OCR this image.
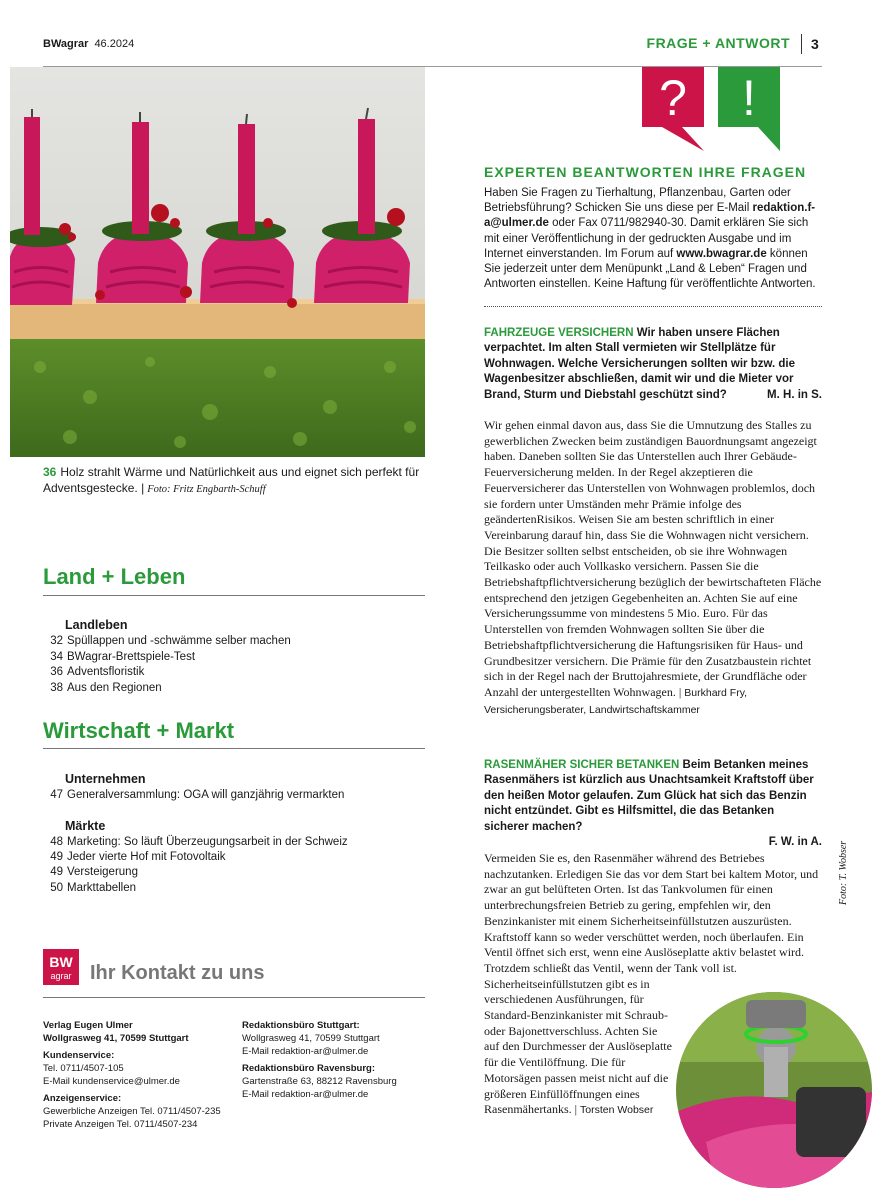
BWagrar 46.2024	FRAGE + ANTWORT 3
36 Holz strahlt Wärme und Natürlichkeit aus und eignet sich perfekt für Adventsgestecke. | Foto: Fritz Engbarth-Schuff
?	!
EXPERTEN BEANTWORTEN IHRE FRAGEN
Haben Sie Fragen zu Tierhaltung, Pflanzenbau, Garten oder Betriebsführung? Schicken Sie uns diese per E-Mail redaktion.f-a@ulmer.de oder Fax 0711/982940-30. Damit erklären Sie sich mit einer Veröffentlichung in der gedruckten Ausgabe und im Internet einverstanden. Im Forum auf www.bwagrar.de können Sie jederzeit unter dem Menüpunkt „Land & Leben“ Fragen und Antworten einstellen. Keine Haftung für veröffentlichte Antworten.
FAHRZEUGE VERSICHERN Wir haben unsere Flächen verpachtet. Im alten Stall vermieten wir Stellplätze für Wohnwagen. Welche Versicherungen sollten wir bzw. die Wagenbesitzer abschließen, damit wir und die Mieter vor Brand, Sturm und Diebstahl geschützt sind?	M. H. in S.
Wir gehen einmal davon aus, dass Sie die Umnutzung des Stalles zu gewerblichen Zwecken beim zuständigen Bauordnungsamt angezeigt haben. Daneben sollten Sie das Unterstellen auch Ihrer Gebäude-Feuerversicherung melden. In der Regel akzeptieren die Feuerversicherer das Unterstellen von Wohnwagen problemlos, doch sie fordern unter Umständen mehr Prämie infolge des geändertenRisikos. Weisen Sie am besten schriftlich in einer Vereinbarung darauf hin, dass Sie die Wohnwagen nicht versichern. Die Besitzer sollten selbst entscheiden, ob sie ihre Wohnwagen Teilkasko oder auch Vollkasko versichern. Passen Sie die Betriebshaftpflichtversicherung bezüglich der bewirtschafteten Fläche entsprechend den jetzigen Gegebenheiten an. Achten Sie auf eine Versicherungssumme von mindestens 5 Mio. Euro. Für das Unterstellen von fremden Wohnwagen sollten Sie über die Betriebshaftpflichtversicherung die Haftungsrisiken für Haus- und Grundbesitzer versichern. Die Prämie für den Zusatzbaustein richtet sich in der Regel nach der Bruttojahresmiete, der Grundfläche oder Anzahl der untergestellten Wohnwagen. | Burkhard Fry, Versicherungsberater, Landwirtschaftskammer
RASENMÄHER SICHER BETANKEN Beim Betanken meines Rasenmähers ist kürzlich aus Unachtsamkeit Kraftstoff über den heißen Motor gelaufen. Zum Glück hat sich das Benzin nicht entzündet. Gibt es Hilfsmittel, die das Betanken sicherer machen?
F. W. in A.
Vermeiden Sie es, den Rasenmäher während des Betriebes nachzutanken. Erledigen Sie das vor dem Start bei kaltem Motor, und zwar an gut belüfteten Orten. Ist das Tankvolumen für einen unterbrechungsfreien Betrieb zu gering, empfehlen wir, den Benzinkanister mit einem Sicherheitseinfüllstutzen auszurüsten. Kraftstoff kann so weder verschüttet werden, noch überlaufen. Ein Ventil öffnet sich erst, wenn eine Auslöseplatte aktiv belastet wird. Trotzdem schließt das Ventil, wenn der Tank voll ist. Sicherheitseinfüllstutzen gibt es in verschiedenen Ausführungen, für Standard-Benzinkanister mit Schraub- oder Bajonettverschluss. Achten Sie auf den Durchmesser der Auslöseplatte für die Ventilöffnung. Die für Motorsägen passen meist nicht auf die größeren Einfüllöffnungen eines Rasenmähertanks. | Torsten Wobser
Foto: T. Wobser
Land + Leben
Landleben
32 Spüllappen und -schwämme selber machen
34 BWagrar-Brettspiele-Test
36 Adventsfloristik
38 Aus den Regionen
Wirtschaft + Markt
Unternehmen
47 Generalversammlung: OGA will ganzjährig vermarkten
Märkte
48 Marketing: So läuft Überzeugungsarbeit in der Schweiz
49 Jeder vierte Hof mit Fotovoltaik
49 Versteigerung
50 Markttabellen
BW
agrar Ihr Kontakt zu uns
Verlag Eugen Ulmer
Wollgrasweg 41, 70599 Stuttgart
Kundenservice:
Tel. 0711/4507-105
E-Mail kundenservice@ulmer.de
Anzeigenservice:
Gewerbliche Anzeigen Tel. 0711/4507-235
Private Anzeigen Tel. 0711/4507-234
Redaktionsbüro Stuttgart:
Wollgrasweg 41, 70599 Stuttgart
E-Mail redaktion-ar@ulmer.de
Redaktionsbüro Ravensburg:
Gartenstraße 63, 88212 Ravensburg
E-Mail redaktion-ar@ulmer.de
